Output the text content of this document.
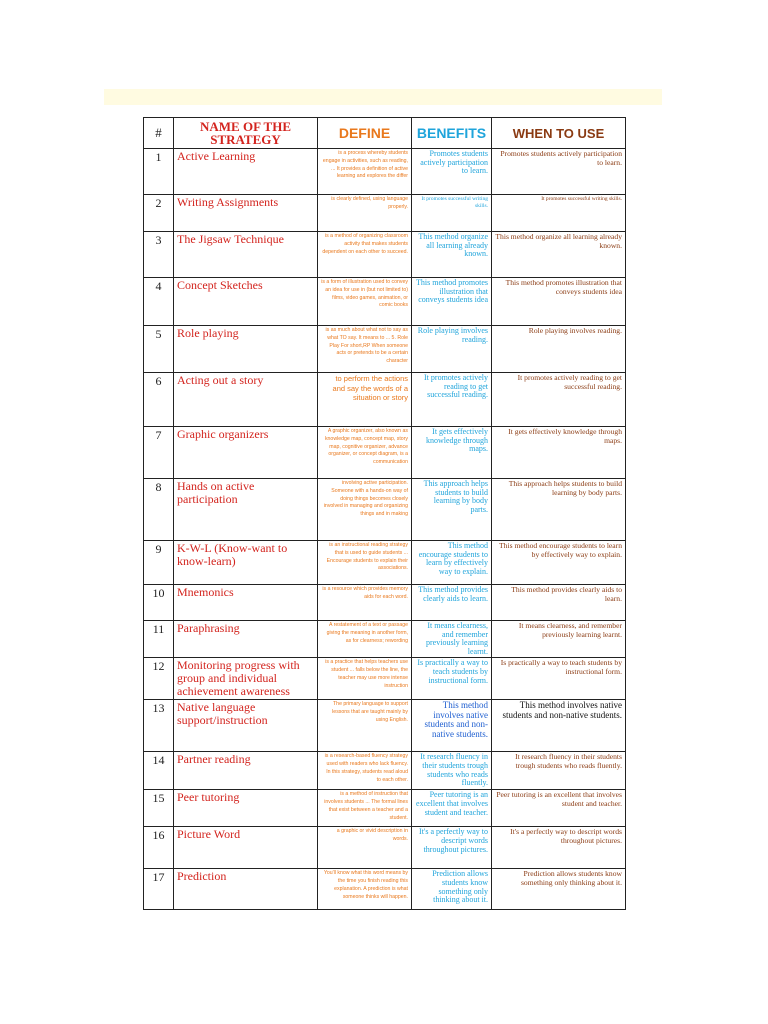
#	NAME OF THE STRATEGY	DEFINE	BENEFITS	WHEN TO USE
1	Active Learning	is a process whereby students engage in activities, such as reading, ... It provides a definition of active learning and explores the differ	Promotes students actively participation to learn.	Promotes students actively participation to learn.
2	Writing Assignments	is clearly defined, using language properly.	It promotes successful writing skills.	It promotes successful writing skills.
3	The Jigsaw Technique	is a method of organizing classroom activity that makes students dependent on each other to succeed.	This method organize all learning already known.	This method organize all learning already known.
4	Concept Sketches	is a form of illustration used to convey an idea for use in (but not limited to) films, video games, animation, or comic books	This method promotes illustration that conveys students idea	This method promotes illustration that conveys students idea
5	Role playing	is as much about what not to say as what TO say. It means to ... 5. Role Play For short,RP When someone acts or pretends to be a certain character	Role playing involves reading.	Role playing involves reading.
6	Acting out a story	to perform the actions and say the words of a situation or story	It promotes actively reading to get successful reading.	It promotes actively reading to get successful reading.
7	Graphic organizers	A graphic organizer, also known as knowledge map, concept map, story map, cognitive organizer, advance organizer, or concept diagram, is a communication	It gets effectively knowledge through maps.	It gets effectively knowledge through maps.
8	Hands on active participation	involving active participation. Someone with a hands-on way of doing things becomes closely involved in managing and organizing things and in making	This approach helps students to build learning by body parts.	This approach helps students to build learning by body parts.
9	K-W-L (Know-want to know-learn)	is an instructional reading strategy that is used to guide students ... Encourage students to explain their associations.	This method encourage students to learn by effectively way to explain.	This method encourage students to learn by effectively way to explain.
10	Mnemonics	is a resource which provides memory aids for each word.	This method provides clearly aids to learn.	This method provides clearly aids to learn.
11	Paraphrasing	A restatement of a text or passage giving the meaning in another form, as for clearness; rewording	It means clearness, and remember previously learning learnt.	It means clearness, and remember previously learning learnt.
12	Monitoring progress with group and individual achievement awareness	is a practice that helps teachers use student ... falls below the line, the teacher may use more intense instruction	Is practically a way to teach students by instructional form.	Is practically a way to teach students by instructional form.
13	Native language support/instruction	The primary language to support lessons that are taught mainly by using English.	This method involves native students and non-native students.	This method involves native students and non-native students.
14	Partner reading	is a research-based fluency strategy used with readers who lack fluency. In this strategy, students read aloud to each other.	It research fluency in their students trough students who reads fluently.	It research fluency in their students trough students who reads fluently.
15	Peer tutoring	is a method of instruction that involves students ... The formal lines that exist between a teacher and a student.	Peer tutoring is an excellent that involves student and teacher.	Peer tutoring is an excellent that involves student and teacher.
16	Picture Word	a graphic or vivid description in words.	It's a perfectly way to descript words throughout pictures.	It's a perfectly way to descript words throughout pictures.
17	Prediction	You'll know what this word means by the time you finish reading this explanation. A prediction is what someone thinks will happen.	Prediction allows students know something only thinking about it.	Prediction allows students know something only thinking about it.
